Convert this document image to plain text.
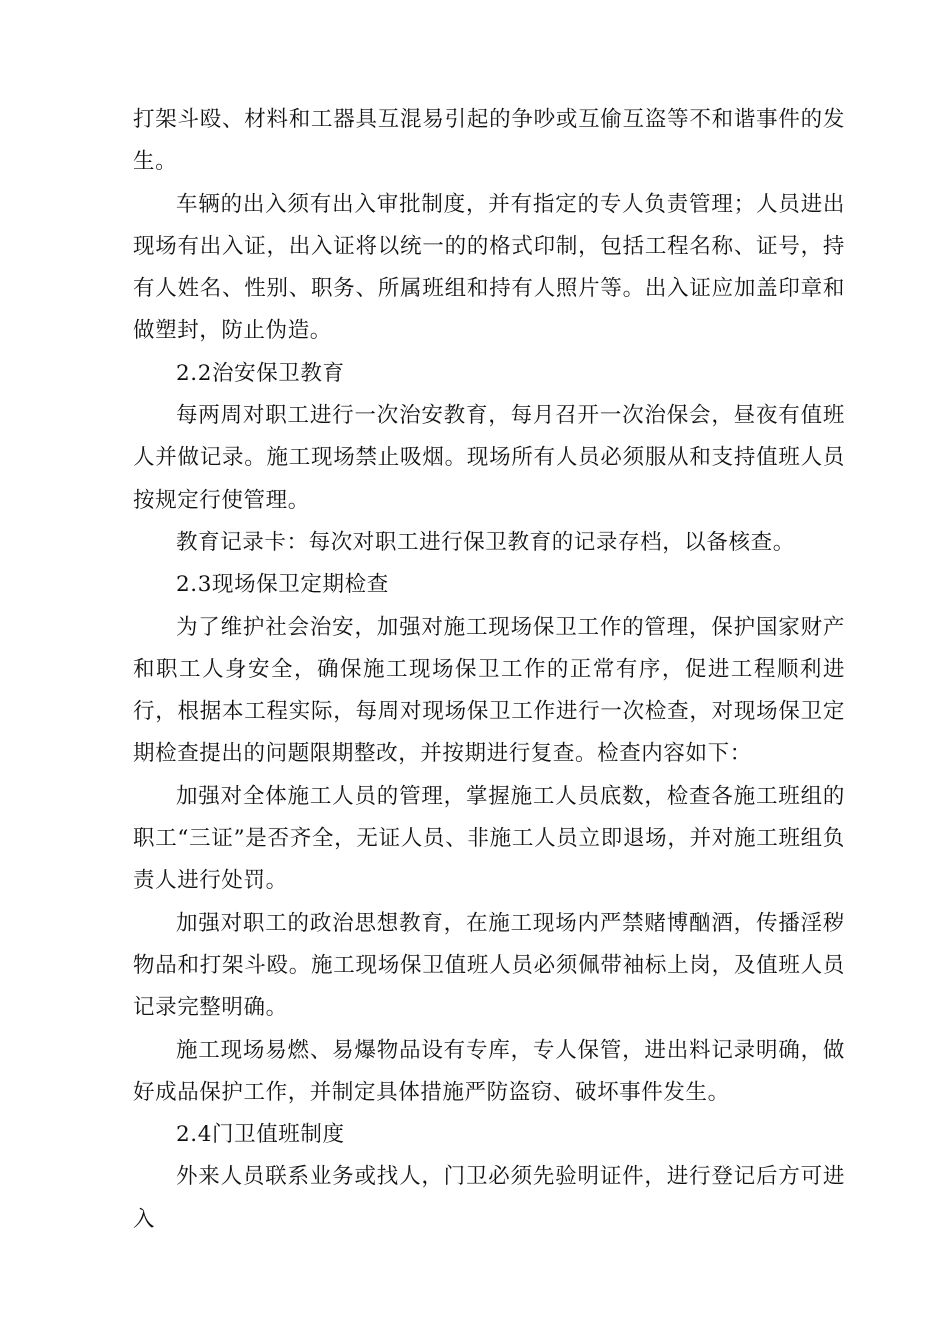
打架斗殴、材料和工器具互混易引起的争吵或互偷互盗等不和谐事件的发生。

车辆的出入须有出入审批制度，并有指定的专人负责管理；人员进出现场有出入证，出入证将以统一的的格式印制，包括工程名称、证号，持有人姓名、性别、职务、所属班组和持有人照片等。出入证应加盖印章和做塑封，防止伪造。

2.2治安保卫教育

每两周对职工进行一次治安教育，每月召开一次治保会，昼夜有值班人并做记录。施工现场禁止吸烟。现场所有人员必须服从和支持值班人员按规定行使管理。

教育记录卡：每次对职工进行保卫教育的记录存档，以备核查。

2.3现场保卫定期检查

为了维护社会治安，加强对施工现场保卫工作的管理，保护国家财产和职工人身安全，确保施工现场保卫工作的正常有序，促进工程顺利进行，根据本工程实际，每周对现场保卫工作进行一次检查，对现场保卫定期检查提出的问题限期整改，并按期进行复查。检查内容如下：

加强对全体施工人员的管理，掌握施工人员底数，检查各施工班组的职工“三证”是否齐全，无证人员、非施工人员立即退场，并对施工班组负责人进行处罚。

加强对职工的政治思想教育，在施工现场内严禁赌博酗酒，传播淫秽物品和打架斗殴。施工现场保卫值班人员必须佩带袖标上岗，及值班人员记录完整明确。

施工现场易燃、易爆物品设有专库，专人保管，进出料记录明确，做好成品保护工作，并制定具体措施严防盗窃、破坏事件发生。

2.4门卫值班制度

外来人员联系业务或找人，门卫必须先验明证件，进行登记后方可进入
